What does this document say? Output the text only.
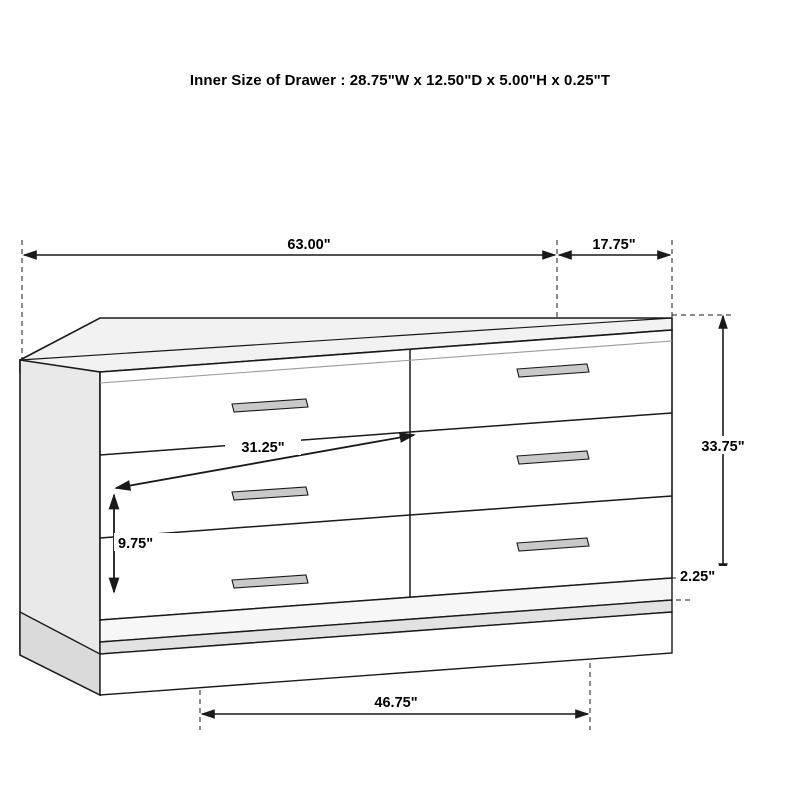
Inner Size of Drawer : 28.75"W x 12.50"D x 5.00"H x 0.25"T
63.00"	17.75"
33.75"
2.25"
46.75"
31.25"
9.75"
